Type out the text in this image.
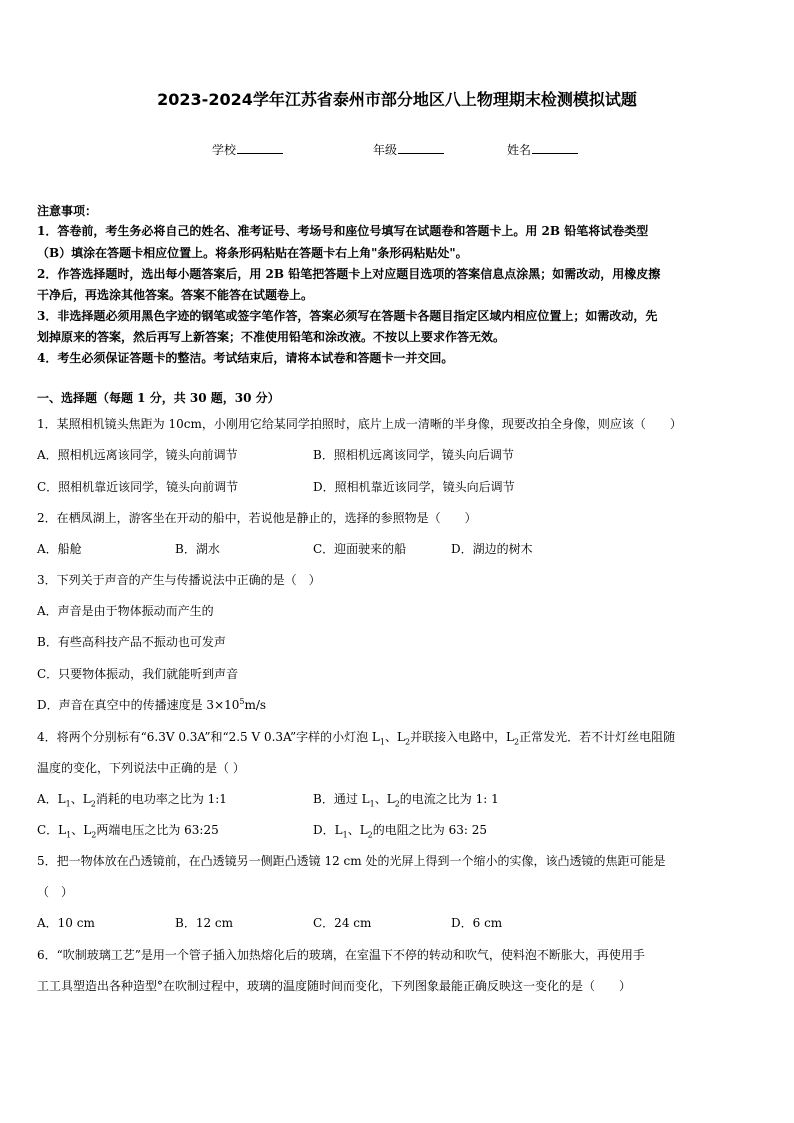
2023-2024学年江苏省泰州市部分地区八上物理期末检测模拟试题
学校	年级	姓名
注意事项：
1．答卷前，考生务必将自己的姓名、准考证号、考场号和座位号填写在试题卷和答题卡上。用 2B 铅笔将试卷类型
（B）填涂在答题卡相应位置上。将条形码粘贴在答题卡右上角"条形码粘贴处"。
2．作答选择题时，选出每小题答案后，用 2B 铅笔把答题卡上对应题目选项的答案信息点涂黑；如需改动，用橡皮擦
干净后，再选涂其他答案。答案不能答在试题卷上。
3．非选择题必须用黑色字迹的钢笔或签字笔作答，答案必须写在答题卡各题目指定区域内相应位置上；如需改动，先
划掉原来的答案，然后再写上新答案；不准使用铅笔和涂改液。不按以上要求作答无效。
4．考生必须保证答题卡的整洁。考试结束后，请将本试卷和答题卡一并交回。
一、选择题（每题 1 分，共 30 题，30 分）
1．某照相机镜头焦距为 10cm，小刚用它给某同学拍照时，底片上成一清晰的半身像，现要改拍全身像，则应该（　　）
A．照相机远离该同学，镜头向前调节	B．照相机远离该同学，镜头向后调节
C．照相机靠近该同学，镜头向前调节	D．照相机靠近该同学，镜头向后调节
2．在栖凤湖上，游客坐在开动的船中，若说他是静止的，选择的参照物是（　　）
A．船舱	B．湖水	C．迎面驶来的船	D．湖边的树木
3．下列关于声音的产生与传播说法中正确的是（　）
A．声音是由于物体振动而产生的
B．有些高科技产品不振动也可发声
C．只要物体振动，我们就能听到声音
D．声音在真空中的传播速度是 $3\times 10^5m/s$
4．将两个分别标有“6.3V 0.3A”和“2.5 V 0.3A”字样的小灯泡 $L_1$、$L_2$并联接入电路中，$L_2$正常发光．若不计灯丝电阻随
温度的变化，下列说法中正确的是（ ）
A．$L_1$、$L_2$消耗的电功率之比为 1:1	B．通过 $L_1$、$L_2$的电流之比为 1: 1
C．$L_1$、$L_2$两端电压之比为 63:25	D．$L_1$、$L_2$的电阻之比为 63: 25
5．把一物体放在凸透镜前，在凸透镜另一侧距凸透镜 12 cm 处的光屏上得到一个缩小的实像，该凸透镜的焦距可能是
（　）
A．10 cm	B．12 cm	C．24 cm	D．6 cm
6．“吹制玻璃工艺”是用一个管子插入加热熔化后的玻璃，在室温下不停的转动和吹气，使料泡不断胀大，再使用手
工工具塑造出各种造型°在吹制过程中，玻璃的温度随时间而变化，下列图象最能正确反映这一变化的是（　　）
